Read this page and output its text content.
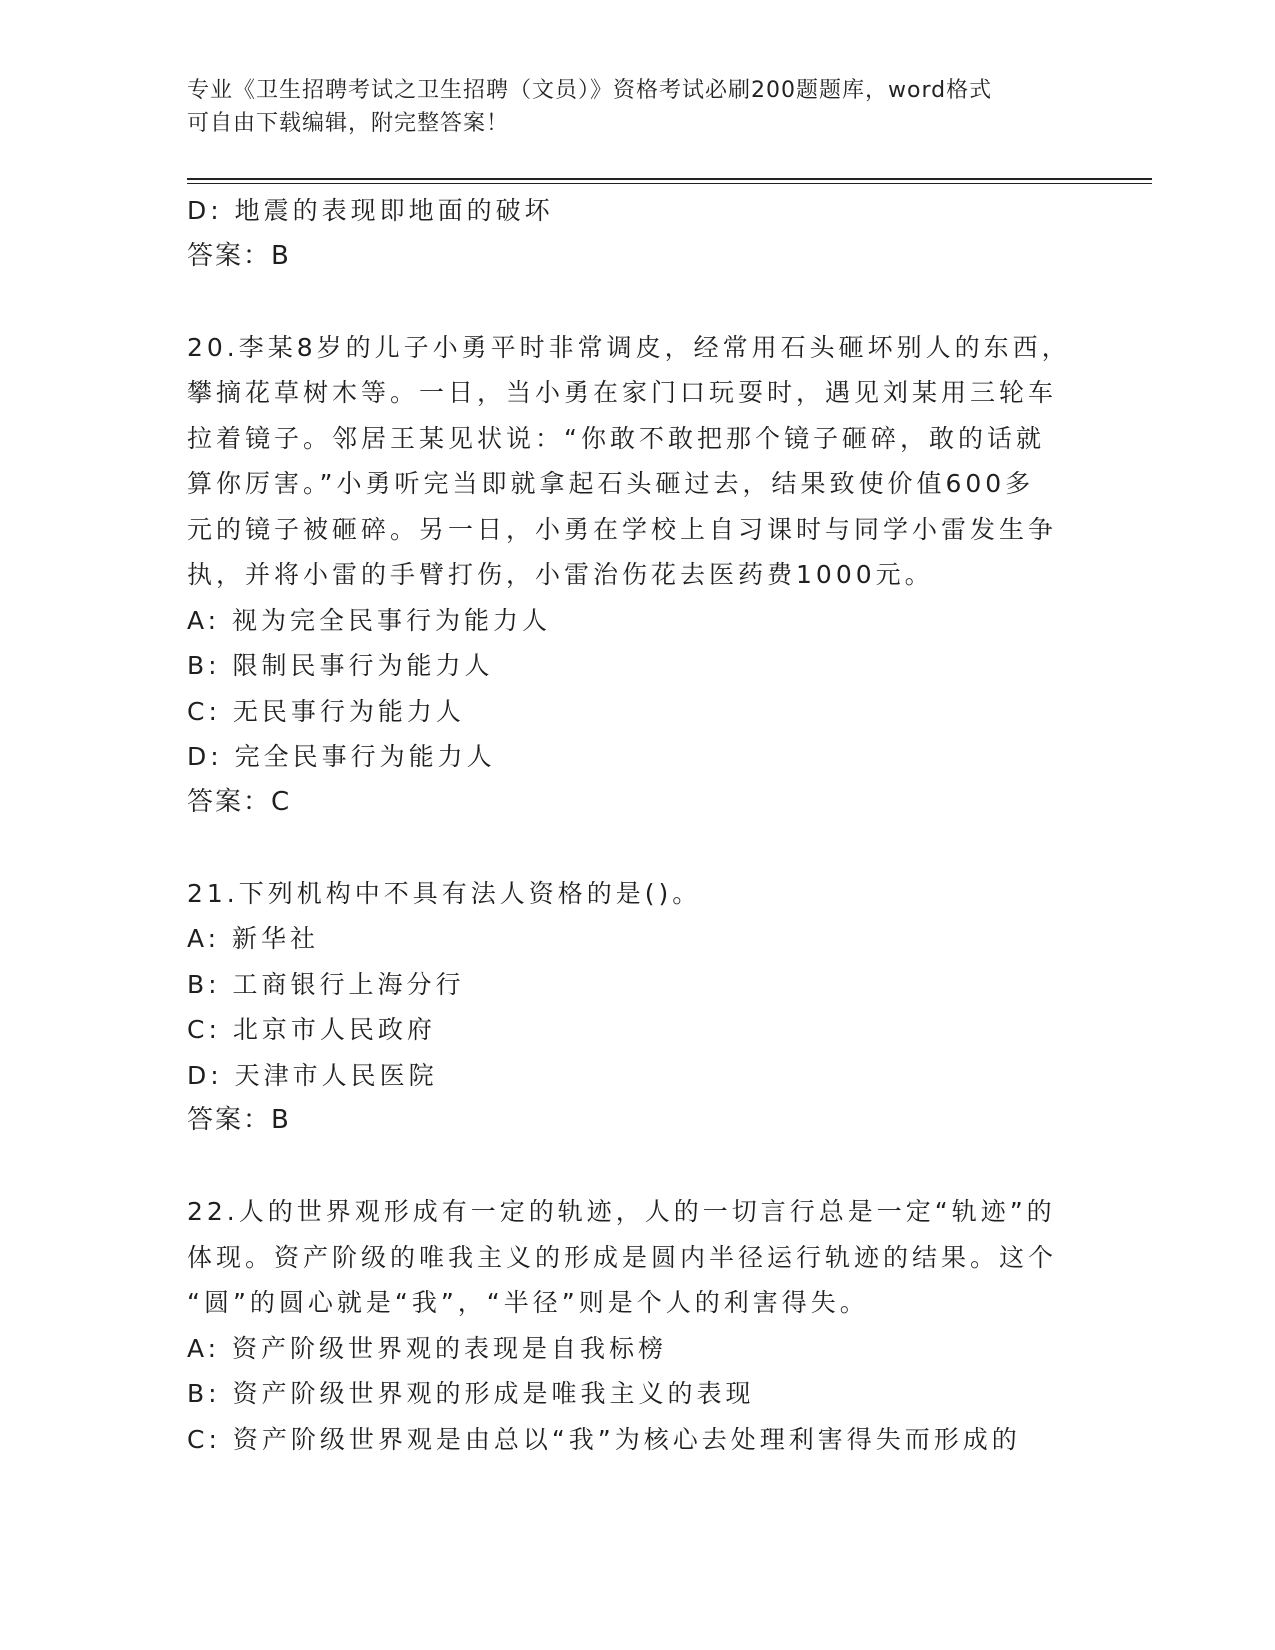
专业《卫生招聘考试之卫生招聘（文员）》资格考试必刷200题题库，word格式
可自由下载编辑，附完整答案！
D: 地震的表现即地面的破坏
答案：B
20.李某8岁的儿子小勇平时非常调皮，经常用石头砸坏别人的东西，
攀摘花草树木等。一日，当小勇在家门口玩耍时，遇见刘某用三轮车
拉着镜子。邻居王某见状说：“你敢不敢把那个镜子砸碎，敢的话就
算你厉害。”小勇听完当即就拿起石头砸过去，结果致使价值600多
元的镜子被砸碎。另一日，小勇在学校上自习课时与同学小雷发生争
执，并将小雷的手臂打伤，小雷治伤花去医药费1000元。
A: 视为完全民事行为能力人
B: 限制民事行为能力人
C: 无民事行为能力人
D: 完全民事行为能力人
答案：C
21.下列机构中不具有法人资格的是()。
A: 新华社
B: 工商银行上海分行
C: 北京市人民政府
D: 天津市人民医院
答案：B
22.人的世界观形成有一定的轨迹，人的一切言行总是一定“轨迹”的
体现。资产阶级的唯我主义的形成是圆内半径运行轨迹的结果。这个
“圆”的圆心就是“我”，“半径”则是个人的利害得失。
A: 资产阶级世界观的表现是自我标榜
B: 资产阶级世界观的形成是唯我主义的表现
C: 资产阶级世界观是由总以“我”为核心去处理利害得失而形成的
